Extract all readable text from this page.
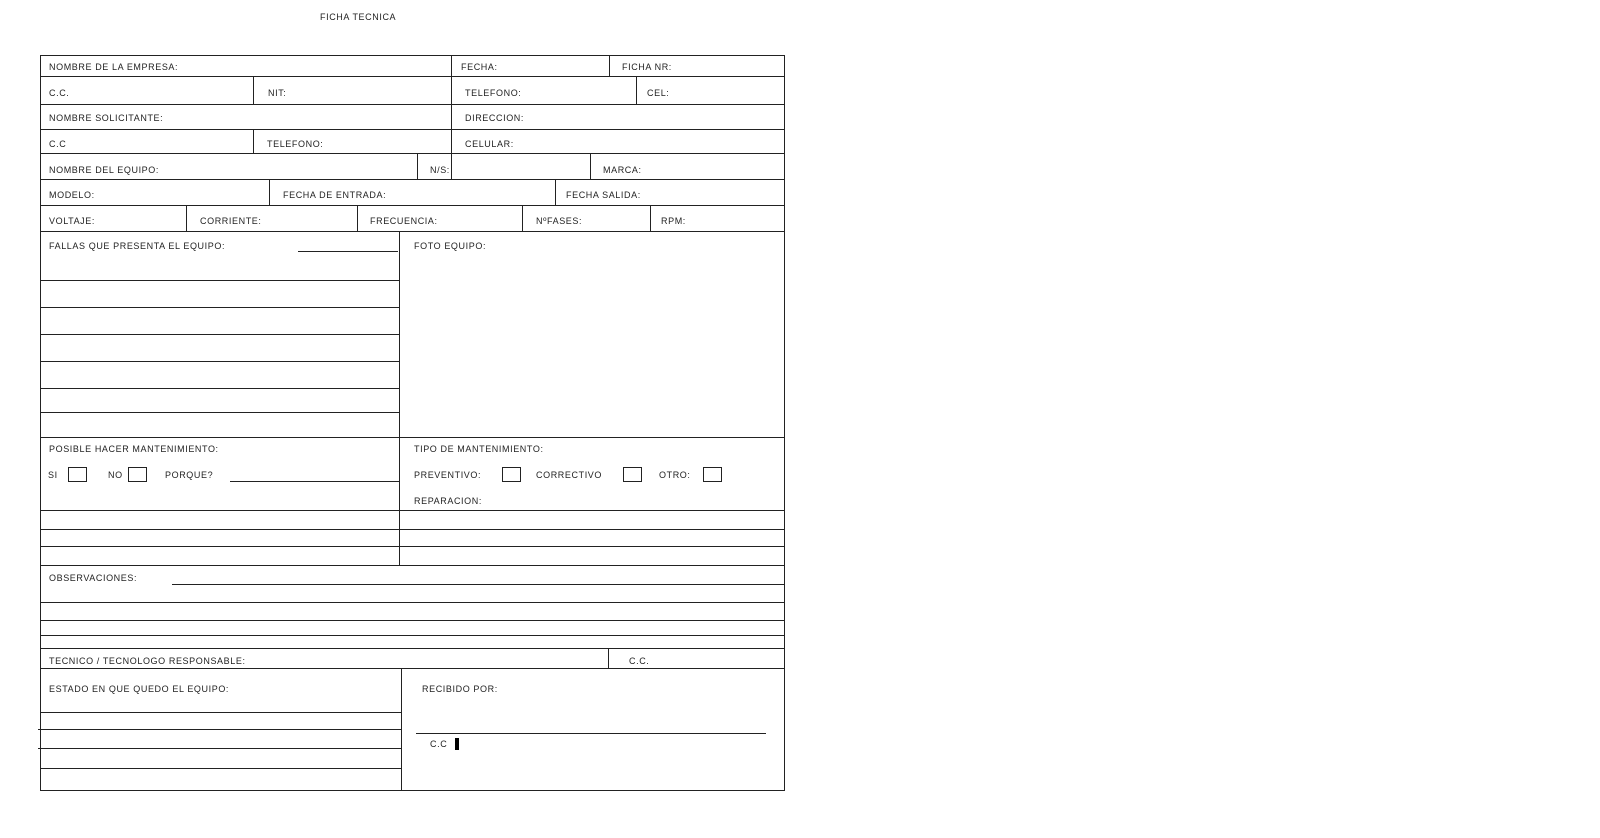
FICHA TECNICA
NOMBRE DE LA EMPRESA:	FECHA:	FICHA NR:
C.C.	NIT:	TELEFONO:	CEL:
NOMBRE SOLICITANTE:	DIRECCION:
C.C	TELEFONO:	CELULAR:
NOMBRE DEL EQUIPO:	N/S:	MARCA:
MODELO:	FECHA DE ENTRADA:	FECHA SALIDA:
VOLTAJE:	CORRIENTE:	FRECUENCIA:	NºFASES:	RPM:
FALLAS QUE PRESENTA EL EQUIPO:	FOTO EQUIPO:
POSIBLE HACER MANTENIMIENTO:
SI	NO	PORQUE?
TIPO DE MANTENIMIENTO:
PREVENTIVO:	CORRECTIVO	OTRO:
REPARACION:
OBSERVACIONES:
TECNICO / TECNOLOGO RESPONSABLE:	C.C.
ESTADO EN QUE QUEDO EL EQUIPO:	RECIBIDO POR:
C.C
